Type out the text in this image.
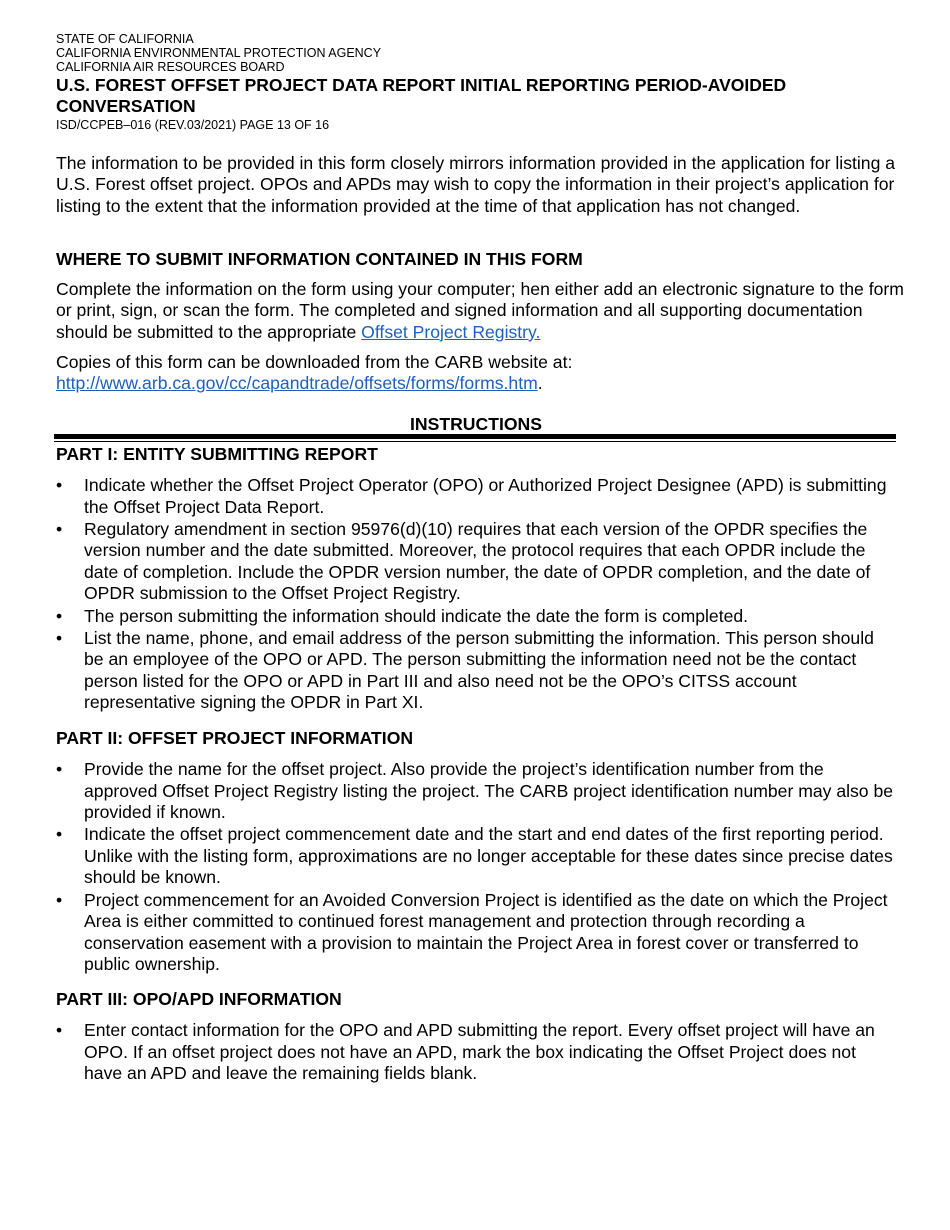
STATE OF CALIFORNIA
CALIFORNIA ENVIRONMENTAL PROTECTION AGENCY
CALIFORNIA AIR RESOURCES BOARD
U.S. FOREST OFFSET PROJECT DATA REPORT INITIAL REPORTING PERIOD-AVOIDED CONVERSATION
ISD/CCPEB–016 (REV.03/2021) PAGE 13 OF 16

The information to be provided in this form closely mirrors information provided in the application for listing a U.S. Forest offset project. OPOs and APDs may wish to copy the information in their project’s application for listing to the extent that the information provided at the time of that application has not changed.

WHERE TO SUBMIT INFORMATION CONTAINED IN THIS FORM

Complete the information on the form using your computer; hen either add an electronic signature to the form or print, sign, or scan the form. The completed and signed information and all supporting documentation should be submitted to the appropriate Offset Project Registry.

Copies of this form can be downloaded from the CARB website at:
http://www.arb.ca.gov/cc/capandtrade/offsets/forms/forms.htm.

INSTRUCTIONS

PART I: ENTITY SUBMITTING REPORT

•	Indicate whether the Offset Project Operator (OPO) or Authorized Project Designee (APD) is submitting the Offset Project Data Report.
•	Regulatory amendment in section 95976(d)(10) requires that each version of the OPDR specifies the version number and the date submitted. Moreover, the protocol requires that each OPDR include the date of completion. Include the OPDR version number, the date of OPDR completion, and the date of OPDR submission to the Offset Project Registry.
•	The person submitting the information should indicate the date the form is completed.
•	List the name, phone, and email address of the person submitting the information. This person should be an employee of the OPO or APD. The person submitting the information need not be the contact person listed for the OPO or APD in Part III and also need not be the OPO’s CITSS account representative signing the OPDR in Part XI.

PART II: OFFSET PROJECT INFORMATION

•	Provide the name for the offset project. Also provide the project’s identification number from the approved Offset Project Registry listing the project. The CARB project identification number may also be provided if known.
•	Indicate the offset project commencement date and the start and end dates of the first reporting period. Unlike with the listing form, approximations are no longer acceptable for these dates since precise dates should be known.
•	Project commencement for an Avoided Conversion Project is identified as the date on which the Project Area is either committed to continued forest management and protection through recording a conservation easement with a provision to maintain the Project Area in forest cover or transferred to public ownership.

PART III: OPO/APD INFORMATION

•	Enter contact information for the OPO and APD submitting the report. Every offset project will have an OPO. If an offset project does not have an APD, mark the box indicating the Offset Project does not have an APD and leave the remaining fields blank.
